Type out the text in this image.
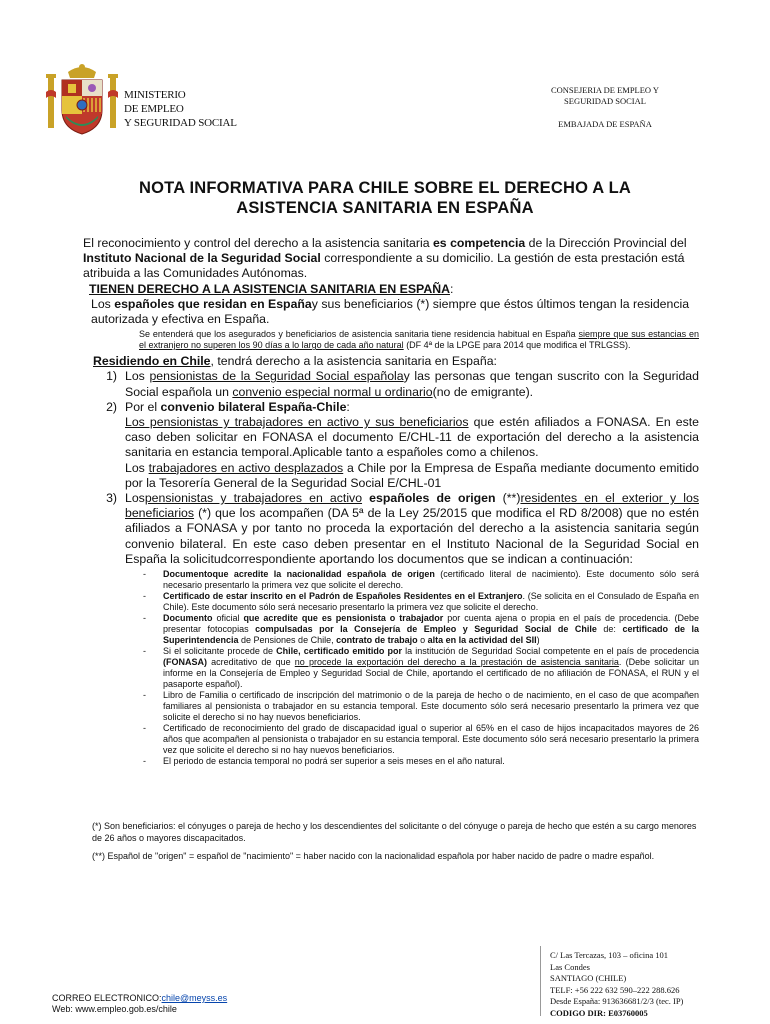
MINISTERIO
DE EMPLEO
Y SEGURIDAD SOCIAL
CONSEJERIA DE EMPLEO Y
SEGURIDAD SOCIAL
EMBAJADA DE ESPAÑA
NOTA INFORMATIVA PARA CHILE SOBRE EL DERECHO A LA
ASISTENCIA SANITARIA EN ESPAÑA

El reconocimiento y control del derecho a la asistencia sanitaria es competencia de la Dirección Provincial del Instituto Nacional de la Seguridad Social correspondiente a su domicilio. La gestión de esta prestación está atribuida a las Comunidades Autónomas.

TIENEN DERECHO A LA ASISTENCIA SANITARIA EN ESPAÑA:

Los españoles que residan en Españay sus beneficiarios (*) siempre que éstos últimos tengan la residencia autorizada y efectiva en España.

Se entenderá que los asegurados y beneficiarios de asistencia sanitaria tiene residencia habitual en España siempre que sus estancias en el extranjero no superen los 90 días a lo largo de cada año natural (DF 4ª de la LPGE para 2014 que modifica el TRLGSS).

Residiendo en Chile, tendrá derecho a la asistencia sanitaria en España:

1) Los pensionistas de la Seguridad Social españolay las personas que tengan suscrito con la Seguridad Social española un convenio especial normal u ordinario(no de emigrante).
2) Por el convenio bilateral España-Chile:
Los pensionistas y trabajadores en activo y sus beneficiarios que estén afiliados a FONASA. En este caso deben solicitar en FONASA el documento E/CHL-11 de exportación del derecho a la asistencia sanitaria en estancia temporal.Aplicable tanto a españoles como a chilenos.
Los trabajadores en activo desplazados a Chile por la Empresa de España mediante documento emitido por la Tesorería General de la Seguridad Social E/CHL-01
3) Lospensionistas y trabajadores en activo españoles de origen (**)residentes en el exterior y los beneficiarios (*) que los acompañen (DA 5ª de la Ley 25/2015 que modifica el RD 8/2008) que no estén afiliados a FONASA y por tanto no proceda la exportación del derecho a la asistencia sanitaria según convenio bilateral. En este caso deben presentar en el Instituto Nacional de la Seguridad Social en España la solicitudcorrespondiente aportando los documentos que se indican a continuación:
-	Documentoque acredite la nacionalidad española de origen (certificado literal de nacimiento). Este documento sólo será necesario presentarlo la primera vez que solicite el derecho.
-	Certificado de estar inscrito en el Padrón de Españoles Residentes en el Extranjero. (Se solicita en el Consulado de España en Chile). Este documento sólo será necesario presentarlo la primera vez que solicite el derecho.
-	Documento oficial que acredite que es pensionista o trabajador por cuenta ajena o propia en el país de procedencia. (Debe presentar fotocopias compulsadas por la Consejería de Empleo y Seguridad Social de Chile de: certificado de la Superintendencia de Pensiones de Chile, contrato de trabajo o alta en la actividad del SII)
-	Si el solicitante procede de Chile, certificado emitido por la institución de Seguridad Social competente en el país de procedencia (FONASA) acreditativo de que no procede la exportación del derecho a la prestación de asistencia sanitaria. (Debe solicitar un informe en la Consejería de Empleo y Seguridad Social de Chile, aportando el certificado de no afiliación de FONASA, el RUN y el pasaporte español).
-	Libro de Familia o certificado de inscripción del matrimonio o de la pareja de hecho o de nacimiento, en el caso de que acompañen familiares al pensionista o trabajador en su estancia temporal. Este documento sólo será necesario presentarlo la primera vez que solicite el derecho si no hay nuevos beneficiarios.
-	Certificado de reconocimiento del grado de discapacidad igual o superior al 65% en el caso de hijos incapacitados mayores de 26 años que acompañen al pensionista o trabajador en su estancia temporal. Este documento sólo será necesario presentarlo la primera vez que solicite el derecho si no hay nuevos beneficiarios.
-	El periodo de estancia temporal no podrá ser superior a seis meses en el año natural.

(*) Son beneficiarios: el cónyuges o pareja de hecho y los descendientes del solicitante o del cónyuge o pareja de hecho que estén a su cargo menores de 26 años o mayores discapacitados.

(**) Español de "origen" = español de "nacimiento" = haber nacido con la nacionalidad española por haber nacido de padre o madre español.

C/ Las Tercazas, 103 – oficina 101
Las Condes
SANTIAGO (CHILE)
TELF: +56 222 632 590–222 288.626
Desde España: 913636681/2/3 (tec. IP)
CODIGO DIR: E03760005
CORREO ELECTRONICO:chile@meyss.es
Web: www.empleo.gob.es/chile
